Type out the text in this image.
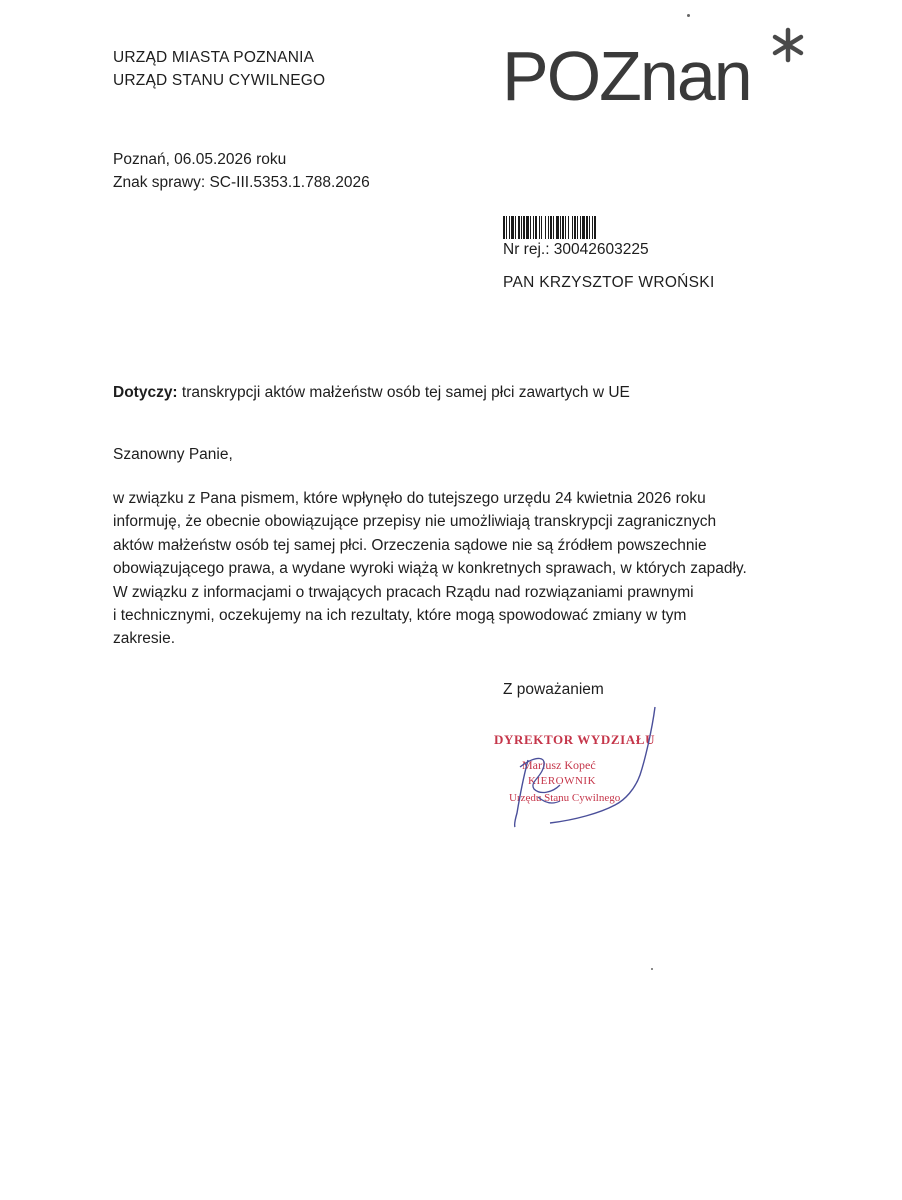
URZĄD MIASTA POZNANIA
URZĄD STANU CYWILNEGO	POZnan
Poznań, 06.05.2026 roku
Znak sprawy: SC-III.5353.1.788.2026
Nr rej.: 30042603225
PAN KRZYSZTOF WROŃSKI
Dotyczy: transkrypcji aktów małżeństw osób tej samej płci zawartych w UE
Szanowny Panie,

w związku z Pana pismem, które wpłynęło do tutejszego urzędu 24 kwietnia 2026 roku

informuję, że obecnie obowiązujące przepisy nie umożliwiają transkrypcji zagranicznych

aktów małżeństw osób tej samej płci. Orzeczenia sądowe nie są źródłem powszechnie

obowiązującego prawa, a wydane wyroki wiążą w konkretnych sprawach, w których zapadły.

W związku z informacjami o trwających pracach Rządu nad rozwiązaniami prawnymi

i technicznymi, oczekujemy na ich rezultaty, które mogą spowodować zmiany w tym

zakresie.

Z poważaniem
DYREKTOR WYDZIAŁU
Mariusz Kopeć
KIEROWNIK
Urzędu Stanu Cywilnego
